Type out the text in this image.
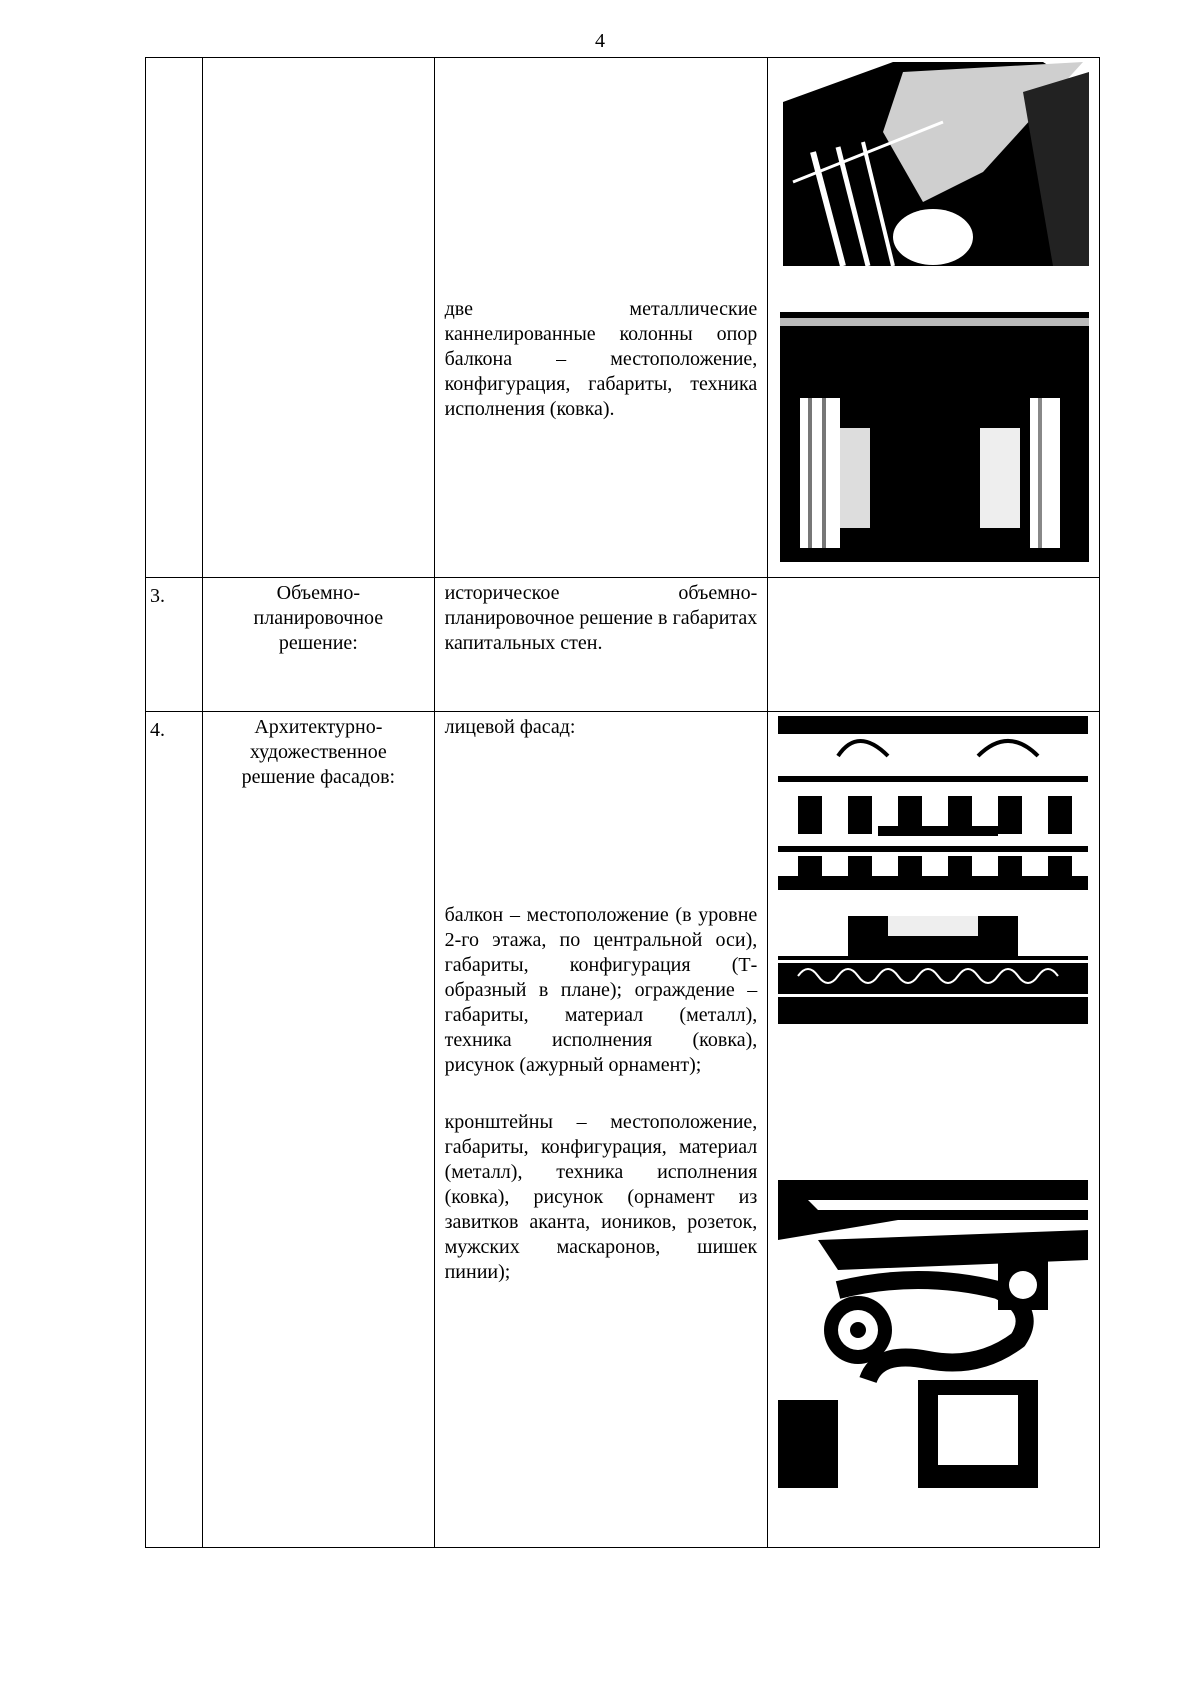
4

		две металлические каннелированные колонны опор балкона – местоположение, конфигурация, габариты, техника исполнения (ковка).

3.	Объемно-планировочное решение:	историческое объемно-планировочное решение в габаритах капитальных стен.	

4.	Архитектурно-художественное решение фасадов:	лицевой фасад:
балкон – местоположение (в уровне 2-го этажа, по центральной оси), габариты, конфигурация (Т-образный в плане); ограждение – габариты, материал (металл), техника исполнения (ковка), рисунок (ажурный орнамент);
кронштейны – местоположение, габариты, конфигурация, материал (металл), техника исполнения (ковка), рисунок (орнамент из завитков аканта, иоников, розеток, мужских маскаронов, шишек пинии);
